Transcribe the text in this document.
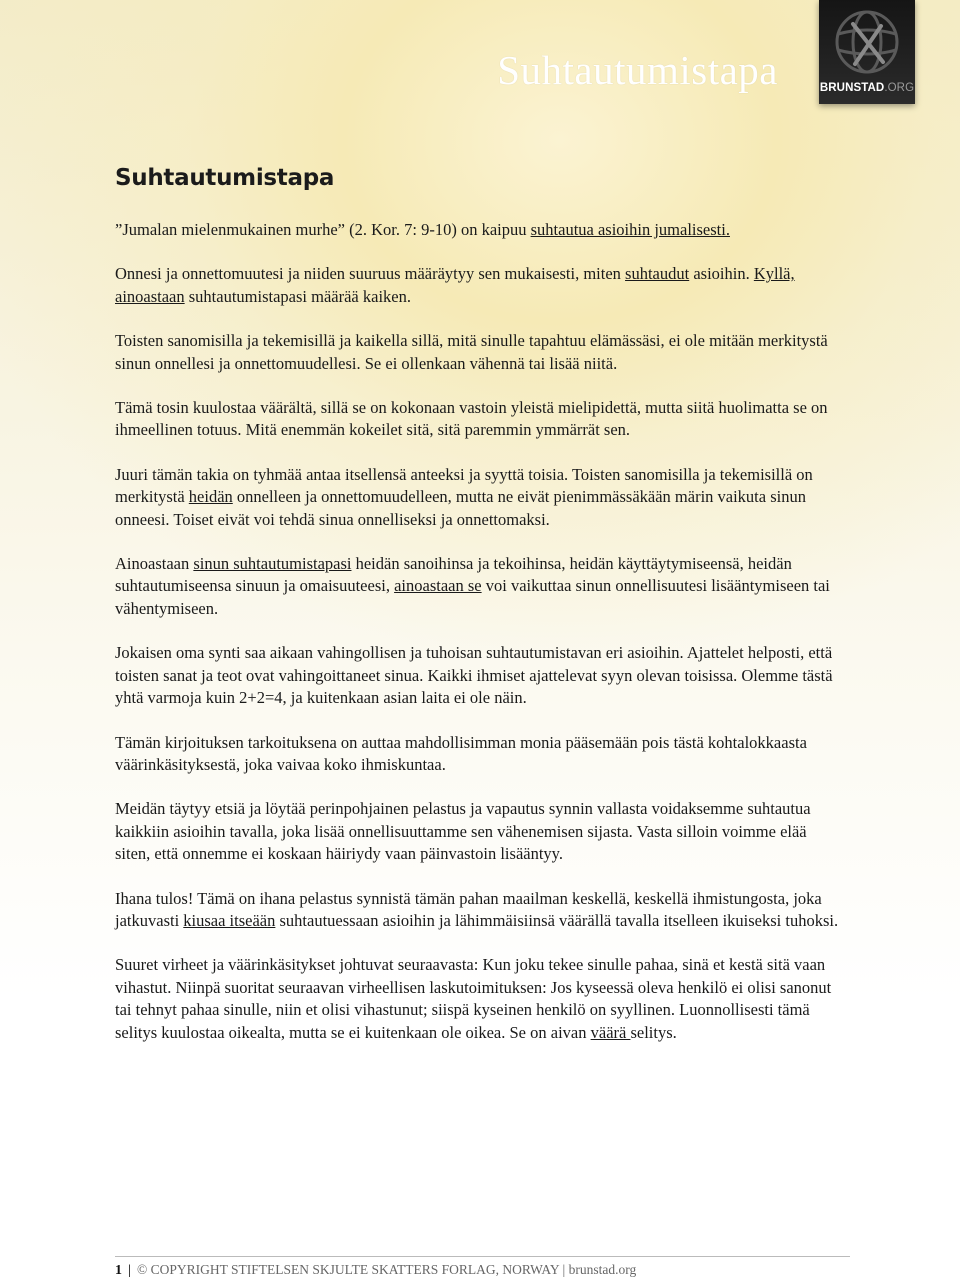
Suhtautumistapa	BRUNSTAD.ORG
Suhtautumistapa

”Jumalan mielenmukainen murhe” (2. Kor. 7: 9-10) on kaipuu suhtautua asioihin jumalisesti.

Onnesi ja onnettomuutesi ja niiden suuruus määräytyy sen mukaisesti, miten suhtaudut asioihin. Kyllä, ainoastaan suhtautumistapasi määrää kaiken.

Toisten sanomisilla ja tekemisillä ja kaikella sillä, mitä sinulle tapahtuu elämässäsi, ei ole mitään merkitystä sinun onnellesi ja onnettomuudellesi. Se ei ollenkaan vähennä tai lisää niitä.

Tämä tosin kuulostaa väärältä, sillä se on kokonaan vastoin yleistä mielipidettä, mutta siitä huolimatta se on ihmeellinen totuus. Mitä enemmän kokeilet sitä, sitä paremmin ymmärrät sen.

Juuri tämän takia on tyhmää antaa itsellensä anteeksi ja syyttä toisia. Toisten sanomisilla ja tekemisillä on merkitystä heidän onnelleen ja onnettomuudelleen, mutta ne eivät pienimmässäkään märin vaikuta sinun onneesi. Toiset eivät voi tehdä sinua onnelliseksi ja onnettomaksi.

Ainoastaan sinun suhtautumistapasi heidän sanoihinsa ja tekoihinsa, heidän käyttäytymiseensä, heidän suhtautumiseensa sinuun ja omaisuuteesi, ainoastaan se voi vaikuttaa sinun onnellisuutesi lisääntymiseen tai vähentymiseen.

Jokaisen oma synti saa aikaan vahingollisen ja tuhoisan suhtautumistavan eri asioihin. Ajattelet helposti, että toisten sanat ja teot ovat vahingoittaneet sinua. Kaikki ihmiset ajattelevat syyn olevan toisissa. Olemme tästä yhtä varmoja kuin 2+2=4, ja kuitenkaan asian laita ei ole näin.

Tämän kirjoituksen tarkoituksena on auttaa mahdollisimman monia pääsemään pois tästä kohtalokkaasta väärinkäsityksestä, joka vaivaa koko ihmiskuntaa.

Meidän täytyy etsiä ja löytää perinpohjainen pelastus ja vapautus synnin vallasta voidaksemme suhtautua kaikkiin asioihin tavalla, joka lisää onnellisuuttamme sen vähenemisen sijasta. Vasta silloin voimme elää siten, että onnemme ei koskaan häiriydy vaan päinvastoin lisääntyy.

Ihana tulos! Tämä on ihana pelastus synnistä tämän pahan maailman keskellä, keskellä ihmistungosta, joka jatkuvasti kiusaa itseään suhtautuessaan asioihin ja lähimmäisiinsä väärällä tavalla itselleen ikuiseksi tuhoksi.

Suuret virheet ja väärinkäsitykset johtuvat seuraavasta: Kun joku tekee sinulle pahaa, sinä et kestä sitä vaan vihastut. Niinpä suoritat seuraavan virheellisen laskutoimituksen: Jos kyseessä oleva henkilö ei olisi sanonut tai tehnyt pahaa sinulle, niin et olisi vihastunut; siispä kyseinen henkilö on syyllinen. Luonnollisesti tämä selitys kuulostaa oikealta, mutta se ei kuitenkaan ole oikea. Se on aivan väärä selitys.

1 | © COPYRIGHT STIFTELSEN SKJULTE SKATTERS FORLAG, NORWAY | brunstad.org
